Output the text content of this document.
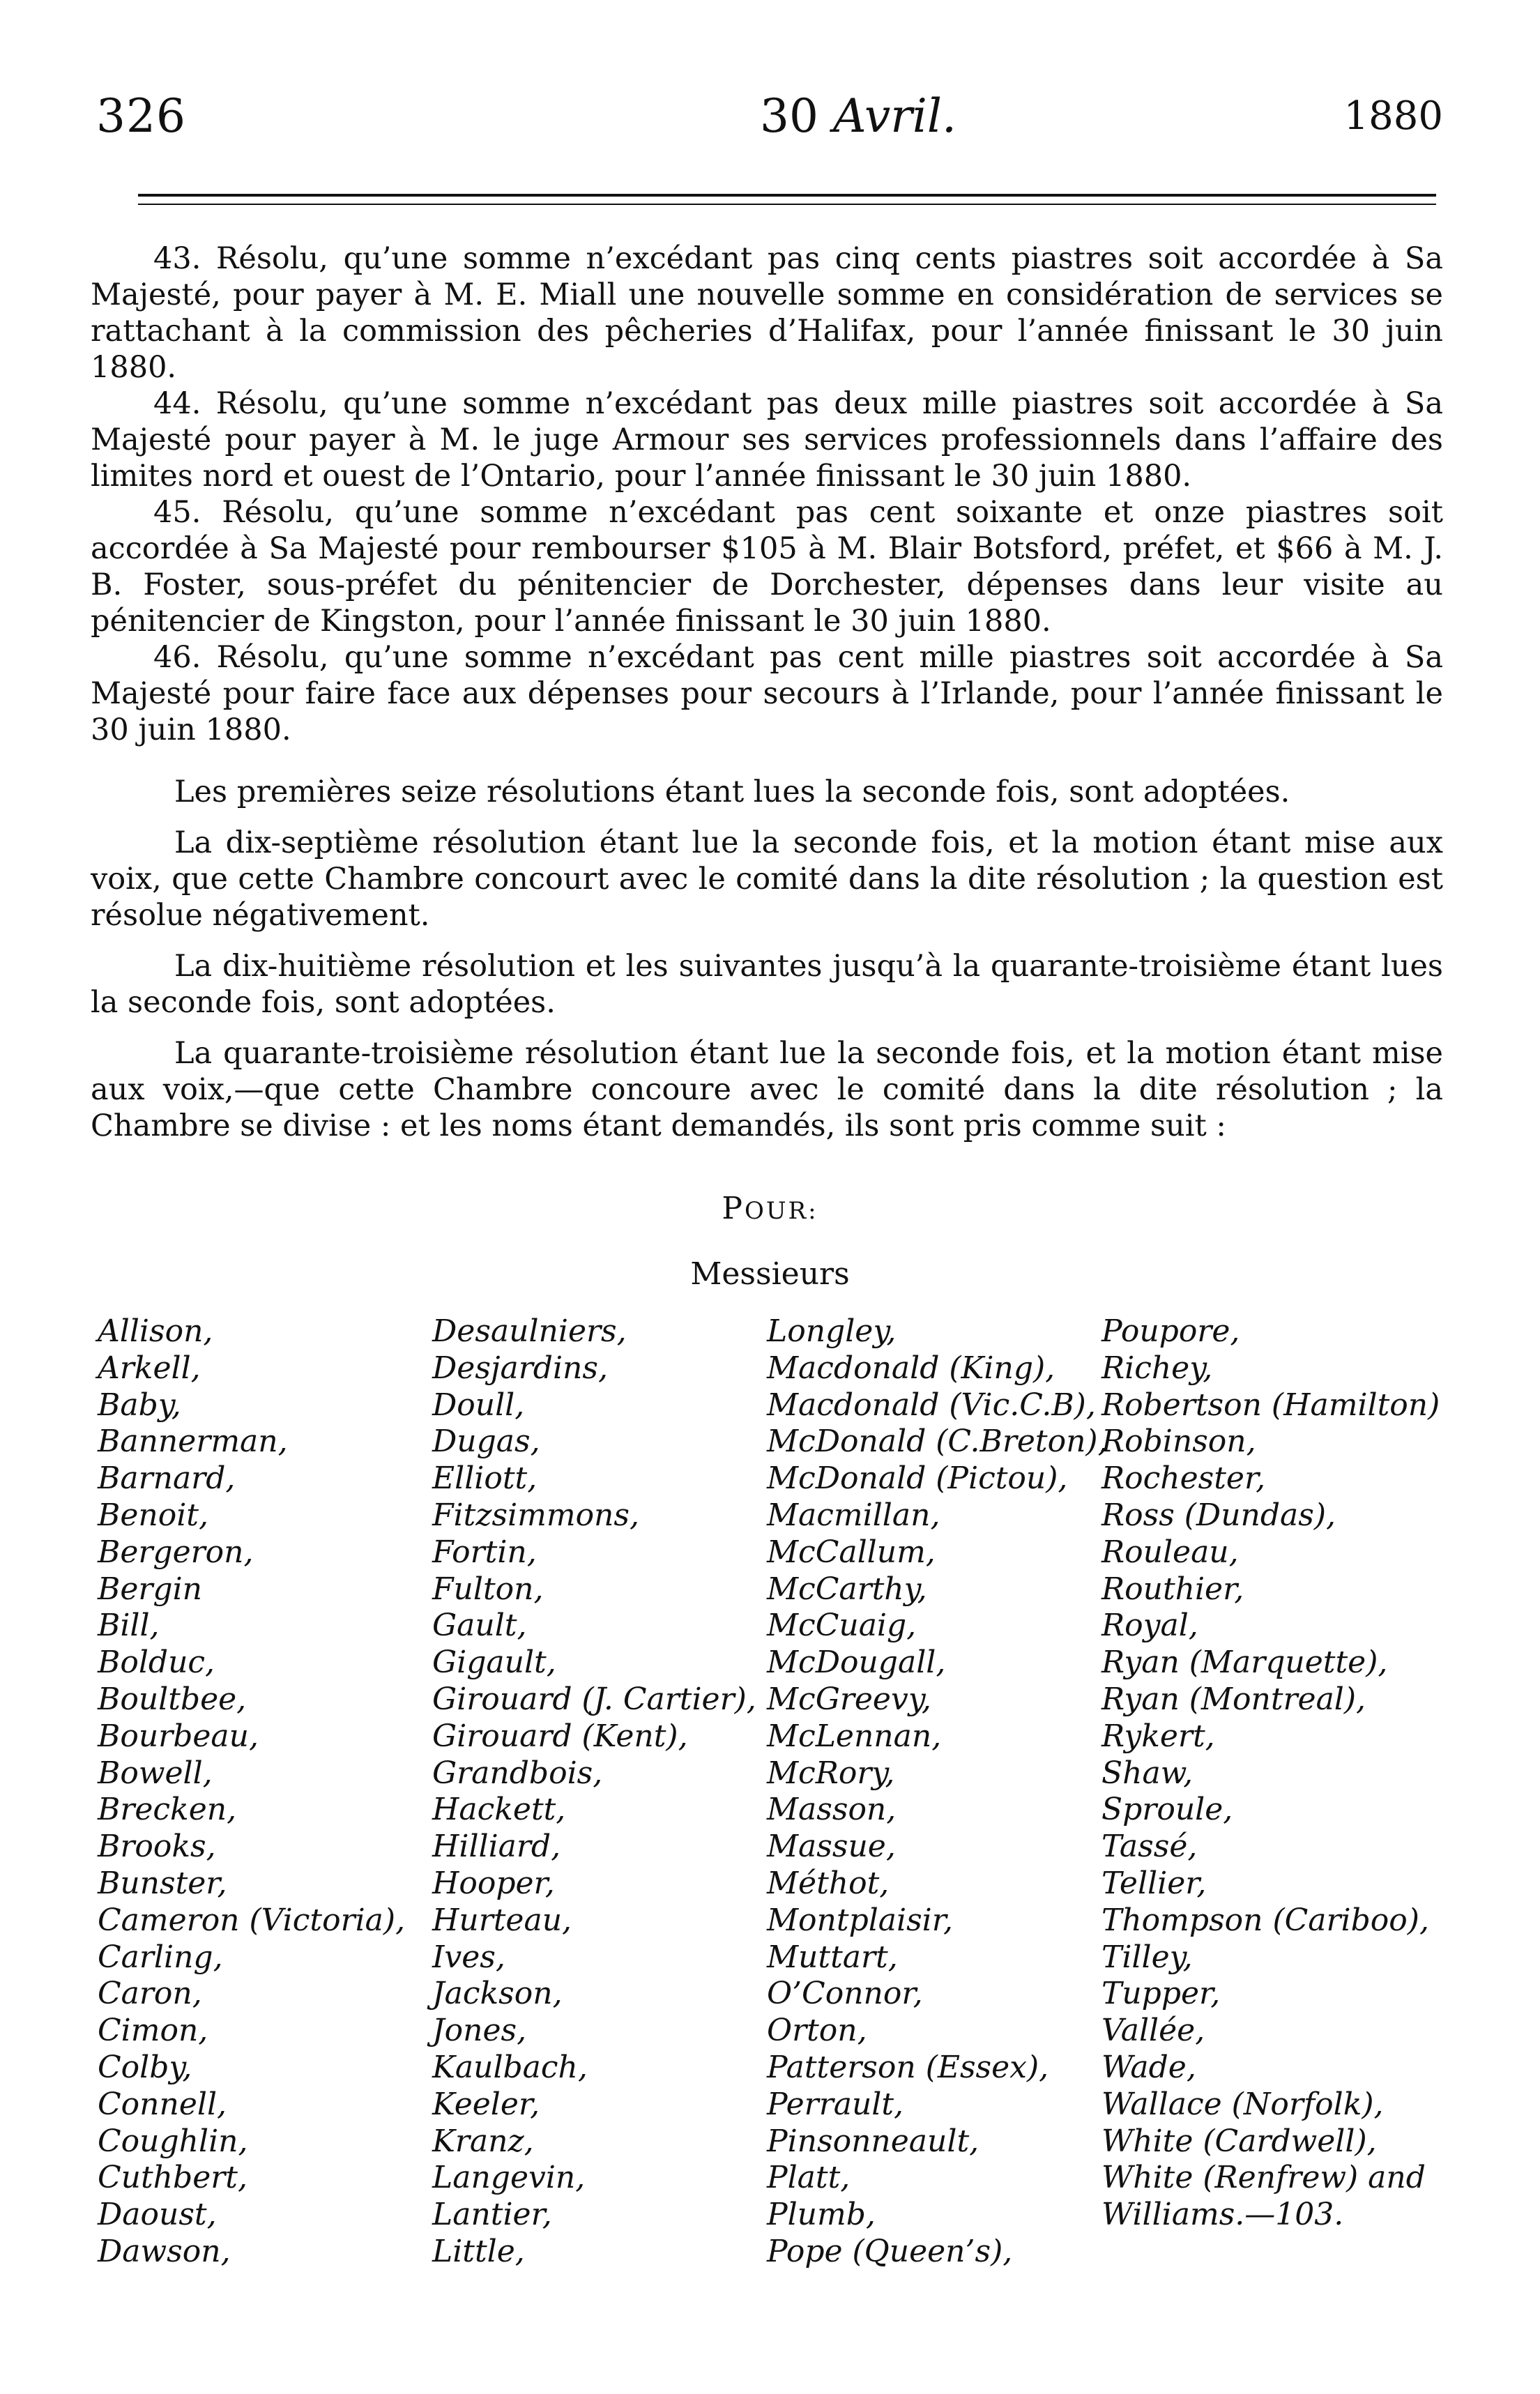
326	30 Avril.	1880

43. Résolu, qu’une somme n’excédant pas cinq cents piastres soit accordée à Sa Majesté, pour payer à M. E. Miall une nouvelle somme en considération de services se rattachant à la commission des pêcheries d’Halifax, pour l’année finissant le 30 juin 1880.

44. Résolu, qu’une somme n’excédant pas deux mille piastres soit accordée à Sa Majesté pour payer à M. le juge Armour ses services professionnels dans l’affaire des limites nord et ouest de l’Ontario, pour l’année finissant le 30 juin 1880.

45. Résolu, qu’une somme n’excédant pas cent soixante et onze piastres soit accordée à Sa Majesté pour rembourser $105 à M. Blair Botsford, préfet, et $66 à M. J. B. Foster, sous-préfet du pénitencier de Dorchester, dépenses dans leur visite au pénitencier de Kingston, pour l’année finissant le 30 juin 1880.

46. Résolu, qu’une somme n’excédant pas cent mille piastres soit accordée à Sa Majesté pour faire face aux dépenses pour secours à l’Irlande, pour l’année finissant le 30 juin 1880.

Les premières seize résolutions étant lues la seconde fois, sont adoptées.

La dix-septième résolution étant lue la seconde fois, et la motion étant mise aux voix, que cette Chambre concourt avec le comité dans la dite résolution ; la question est résolue négativement.

La dix-huitième résolution et les suivantes jusqu’à la quarante-troisième étant lues la seconde fois, sont adoptées.

La quarante-troisième résolution étant lue la seconde fois, et la motion étant mise aux voix,—que cette Chambre concoure avec le comité dans la dite résolution ; la Chambre se divise : et les noms étant demandés, ils sont pris comme suit :

POUR:
Messieurs
Allison,
Arkell,
Baby,
Bannerman,
Barnard,
Benoit,
Bergeron,
Bergin
Bill,
Bolduc,
Boultbee,
Bourbeau,
Bowell,
Brecken,
Brooks,
Bunster,
Cameron (Victoria),
Carling,
Caron,
Cimon,
Colby,
Connell,
Coughlin,
Cuthbert,
Daoust,
Dawson,
Desaulniers,
Desjardins,
Doull,
Dugas,
Elliott,
Fitzsimmons,
Fortin,
Fulton,
Gault,
Gigault,
Girouard (J. Cartier),
Girouard (Kent),
Grandbois,
Hackett,
Hilliard,
Hooper,
Hurteau,
Ives,
Jackson,
Jones,
Kaulbach,
Keeler,
Kranz,
Langevin,
Lantier,
Little,
Longley,
Macdonald (King),
Macdonald (Vic.C.B),
McDonald (C.Breton),
McDonald (Pictou),
Macmillan,
McCallum,
McCarthy,
McCuaig,
McDougall,
McGreevy,
McLennan,
McRory,
Masson,
Massue,
Méthot,
Montplaisir,
Muttart,
O’Connor,
Orton,
Patterson (Essex),
Perrault,
Pinsonneault,
Platt,
Plumb,
Pope (Queen’s),
Poupore,
Richey,
Robertson (Hamilton)
Robinson,
Rochester,
Ross (Dundas),
Rouleau,
Routhier,
Royal,
Ryan (Marquette),
Ryan (Montreal),
Rykert,
Shaw,
Sproule,
Tassé,
Tellier,
Thompson (Cariboo),
Tilley,
Tupper,
Vallée,
Wade,
Wallace (Norfolk),
White (Cardwell),
White (Renfrew) and
Williams.—103.
